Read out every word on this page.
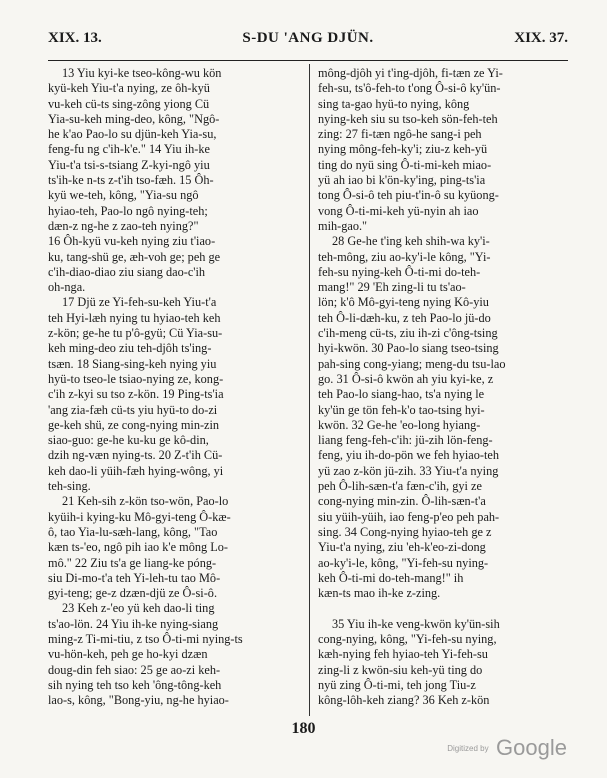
XIX. 13.	S-DU 'ANG DJÜN.	XIX. 37.
13 Yiu kyi-ke tseo-kông-wu kön
kyü-keh Yiu-t'a nying, ze ôh-kyü
vu-keh cü-ts sing-zông yiong Cü
Yia-su-keh ming-deo, kông, "Ngô-
he k'ao Pao-lo su djün-keh Yia-su,
feng-fu ng c'ih-k'e." 14 Yiu ih-ke
Yiu-t'a tsi-s-tsiang Z-kyi-ngô yiu
ts'ih-ke n-ts z-t'ih tso-fæh. 15 Ôh-
kyü we-teh, kông, "Yia-su ngô
hyiao-teh, Pao-lo ngô nying-teh;
dæn-z ng-he z zao-teh nying?"
16 Ôh-kyü vu-keh nying ziu t'iao-
ku, tang-shü ge, æh-voh ge; peh ge
c'ih-diao-diao ziu siang dao-c'ih
oh-nga.
17 Djü ze Yi-feh-su-keh Yiu-t'a
teh Hyi-læh nying tu hyiao-teh keh
z-kön; ge-he tu p'ô-gyü; Cü Yia-su-
keh ming-deo ziu teh-djôh ts'ing-
tsæn. 18 Siang-sing-keh nying yiu
hyü-to tseo-le tsiao-nying ze, kong-
c'ih z-kyi su tso z-kön. 19 Ping-ts'ia
'ang zia-fæh cü-ts yiu hyü-to do-zi
ge-keh shü, ze cong-nying min-zin
siao-guo: ge-he ku-ku ge kô-din,
dzih ng-væn nying-ts. 20 Z-t'ih Cü-
keh dao-li yüih-fæh hying-wông, yi
teh-sing.
21 Keh-sih z-kön tso-wön, Pao-lo
kyüih-i kying-ku Mô-gyi-teng Ô-kæ-
ô, tao Yia-lu-sæh-lang, kông, "Tao
kæn ts-'eo, ngô pih iao k'e mông Lo-
mô." 22 Ziu ts'a ge liang-ke póng-
siu Di-mo-t'a teh Yi-leh-tu tao Mô-
gyi-teng; ge-z dzæn-djü ze Ô-si-ô.
23 Keh z-'eo yü keh dao-li ting
ts'ao-lön. 24 Yiu ih-ke nying-siang
ming-z Ti-mi-tiu, z tso Ô-ti-mi nying-ts
vu-hön-keh, peh ge ho-kyi dzæn
doug-din feh siao: 25 ge ao-zi keh-
sih nying teh tso keh 'ông-tông-keh
lao-s, kông, "Bong-yiu, ng-he hyiao-
mông-djôh yi t'ing-djôh, fi-tæn ze Yi-
feh-su, ts'ô-feh-to t'ong Ô-si-ô ky'ün-
sing ta-gao hyü-to nying, kông
nying-keh siu su tso-keh sön-feh-teh
zing: 27 fi-tæn ngô-he sang-i peh
nying mông-feh-ky'i; ziu-z keh-yü
ting do nyü sing Ô-ti-mi-keh miao-
yü ah iao bi k'ön-ky'ing, ping-ts'ia
tong Ô-si-ô teh piu-t'in-ô su kyüong-
vong Ô-ti-mi-keh yü-nyin ah iao
mih-gao."
28 Ge-he t'ing keh shih-wa ky'i-
teh-mông, ziu ao-ky'i-le kông, "Yi-
feh-su nying-keh Ô-ti-mi do-teh-
mang!" 29 'Eh zing-li tu ts'ao-
lön; k'ô Mô-gyi-teng nying Kô-yiu
teh Ô-li-dæh-ku, z teh Pao-lo jü-do
c'ih-meng cü-ts, ziu ih-zi c'ông-tsing
hyi-kwön. 30 Pao-lo siang tseo-tsing
pah-sing cong-yiang; meng-du tsu-lao
go. 31 Ô-si-ô kwön ah yiu kyi-ke, z
teh Pao-lo siang-hao, ts'a nying le
ky'ün ge tön feh-k'o tao-tsing hyi-
kwön. 32 Ge-he 'eo-long hyiang-
liang feng-feh-c'ih: jü-zih lön-feng-
feng, yiu ih-do-pön we feh hyiao-teh
yü zao z-kön jü-zih. 33 Yiu-t'a nying
peh Ô-lih-sæn-t'a fæn-c'ih, gyi ze
cong-nying min-zin. Ô-lih-sæn-t'a
siu yüih-yüih, iao feng-p'eo peh pah-
sing. 34 Cong-nying hyiao-teh ge z
Yiu-t'a nying, ziu 'eh-k'eo-zi-dong
ao-ky'i-le, kông, "Yi-feh-su nying-
keh Ô-ti-mi do-teh-mang!" ih
kæn-ts mao ih-ke z-zing.

35 Yiu ih-ke veng-kwön ky'ün-sih
cong-nying, kông, "Yi-feh-su nying,
kæh-nying feh hyiao-teh Yi-feh-su
zing-li z kwön-siu keh-yü ting do
nyü zing Ô-ti-mi, teh jong Tiu-z
kông-lôh-keh ziang? 36 Keh z-kön
180
Digitized by Google
